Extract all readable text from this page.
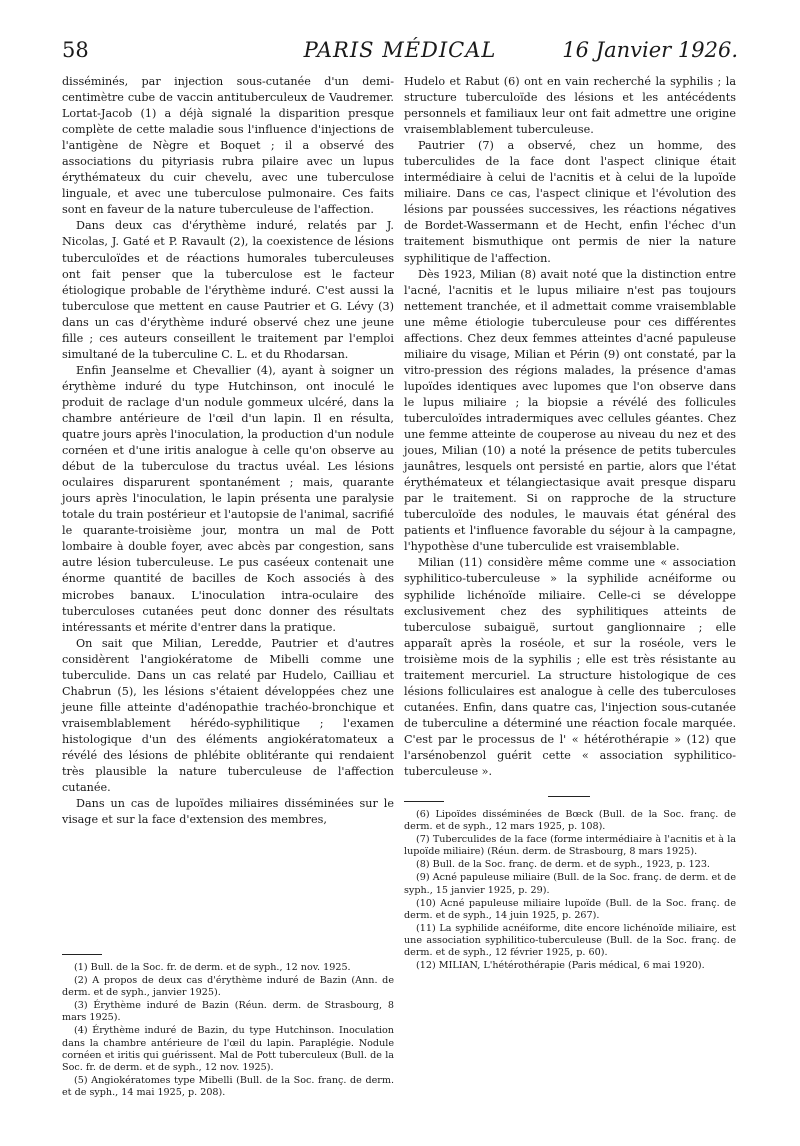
58	PARIS MÉDICAL	16 Janvier 1926.

disséminés, par injection sous-cutanée d'un demi-centimètre cube de vaccin antituberculeux de Vaudremer. Lortat-Jacob (1) a déjà signalé la disparition presque complète de cette maladie sous l'influence d'injections de l'antigène de Nègre et Boquet ; il a observé des associations du pityriasis rubra pilaire avec un lupus érythémateux du cuir chevelu, avec une tuberculose linguale, et avec une tuberculose pulmonaire. Ces faits sont en faveur de la nature tuberculeuse de l'affection.

Dans deux cas d'érythème induré, relatés par J. Nicolas, J. Gaté et P. Ravault (2), la coexistence de lésions tuberculoïdes et de réactions humorales tuberculeuses ont fait penser que la tuberculose est le facteur étiologique probable de l'érythème induré. C'est aussi la tuberculose que mettent en cause Pautrier et G. Lévy (3) dans un cas d'érythème induré observé chez une jeune fille ; ces auteurs conseillent le traitement par l'emploi simultané de la tuberculine C. L. et du Rhodarsan.

Enfin Jeanselme et Chevallier (4), ayant à soigner un érythème induré du type Hutchinson, ont inoculé le produit de raclage d'un nodule gommeux ulcéré, dans la chambre antérieure de l'œil d'un lapin. Il en résulta, quatre jours après l'inoculation, la production d'un nodule cornéen et d'une iritis analogue à celle qu'on observe au début de la tuberculose du tractus uvéal. Les lésions oculaires disparurent spontanément ; mais, quarante jours après l'inoculation, le lapin présenta une paralysie totale du train postérieur et l'autopsie de l'animal, sacrifié le quarante-troisième jour, montra un mal de Pott lombaire à double foyer, avec abcès par congestion, sans autre lésion tuberculeuse. Le pus caséeux contenait une énorme quantité de bacilles de Koch associés à des microbes banaux. L'inoculation intra-oculaire des tuberculoses cutanées peut donc donner des résultats intéressants et mérite d'entrer dans la pratique.

On sait que Milian, Leredde, Pautrier et d'autres considèrent l'angiokératome de Mibelli comme une tuberculide. Dans un cas relaté par Hudelo, Cailliau et Chabrun (5), les lésions s'étaient développées chez une jeune fille atteinte d'adénopathie trachéo-bronchique et vraisemblablement hérédo-syphilitique ; l'examen histologique d'un des éléments angiokératomateux a révélé des lésions de phlébite oblitérante qui rendaient très plausible la nature tuberculeuse de l'affection cutanée.

Dans un cas de lupoïdes miliaires disséminées sur le visage et sur la face d'extension des membres,

(1) Bull. de la Soc. fr. de derm. et de syph., 12 nov. 1925.

(2) A propos de deux cas d'érythème induré de Bazin (Ann. de derm. et de syph., janvier 1925).

(3) Érythème induré de Bazin (Réun. derm. de Strasbourg, 8 mars 1925).

(4) Érythème induré de Bazin, du type Hutchinson. Inoculation dans la chambre antérieure de l'œil du lapin. Paraplégie. Nodule cornéen et iritis qui guérissent. Mal de Pott tuberculeux (Bull. de la Soc. fr. de derm. et de syph., 12 nov. 1925).

(5) Angiokératomes type Mibelli (Bull. de la Soc. franç. de derm. et de syph., 14 mai 1925, p. 208).

Hudelo et Rabut (6) ont en vain recherché la syphilis ; la structure tuberculoïde des lésions et les antécédents personnels et familiaux leur ont fait admettre une origine vraisemblablement tuberculeuse.

Pautrier (7) a observé, chez un homme, des tuberculides de la face dont l'aspect clinique était intermédiaire à celui de l'acnitis et à celui de la lupoïde miliaire. Dans ce cas, l'aspect clinique et l'évolution des lésions par poussées successives, les réactions négatives de Bordet-Wassermann et de Hecht, enfin l'échec d'un traitement bismuthique ont permis de nier la nature syphilitique de l'affection.

Dès 1923, Milian (8) avait noté que la distinction entre l'acné, l'acnitis et le lupus miliaire n'est pas toujours nettement tranchée, et il admettait comme vraisemblable une même étiologie tuberculeuse pour ces différentes affections. Chez deux femmes atteintes d'acné papuleuse miliaire du visage, Milian et Périn (9) ont constaté, par la vitro-pression des régions malades, la présence d'amas lupoïdes identiques avec lupomes que l'on observe dans le lupus miliaire ; la biopsie a révélé des follicules tuberculoïdes intradermiques avec cellules géantes. Chez une femme atteinte de couperose au niveau du nez et des joues, Milian (10) a noté la présence de petits tubercules jaunâtres, lesquels ont persisté en partie, alors que l'état érythémateux et télangiectasique avait presque disparu par le traitement. Si on rapproche de la structure tuberculoïde des nodules, le mauvais état général des patients et l'influence favorable du séjour à la campagne, l'hypothèse d'une tuberculide est vraisemblable.

Milian (11) considère même comme une « association syphilitico-tuberculeuse » la syphilide acnéiforme ou syphilide lichénoïde miliaire. Celle-ci se développe exclusivement chez des syphilitiques atteints de tuberculose subaiguë, surtout ganglionnaire ; elle apparaît après la roséole, et sur la roséole, vers le troisième mois de la syphilis ; elle est très résistante au traitement mercuriel. La structure histologique de ces lésions folliculaires est analogue à celle des tuberculoses cutanées. Enfin, dans quatre cas, l'injection sous-cutanée de tuberculine a déterminé une réaction focale marquée. C'est par le processus de l' « hétérothérapie » (12) que l'arsénobenzol guérit cette « association syphilitico-tuberculeuse ».

(6) Lipoïdes disséminées de Bœck (Bull. de la Soc. franç. de derm. et de syph., 12 mars 1925, p. 108).

(7) Tuberculides de la face (forme intermédiaire à l'acnitis et à la lupoïde miliaire) (Réun. derm. de Strasbourg, 8 mars 1925).

(8) Bull. de la Soc. franç. de derm. et de syph., 1923, p. 123.

(9) Acné papuleuse miliaire (Bull. de la Soc. franç. de derm. et de syph., 15 janvier 1925, p. 29).

(10) Acné papuleuse miliaire lupoïde (Bull. de la Soc. franç. de derm. et de syph., 14 juin 1925, p. 267).

(11) La syphilide acnéiforme, dite encore lichénoïde miliaire, est une association syphilitico-tuberculeuse (Bull. de la Soc. franç. de derm. et de syph., 12 février 1925, p. 60).

(12) MILIAN, L'hétérothérapie (Paris médical, 6 mai 1920).
